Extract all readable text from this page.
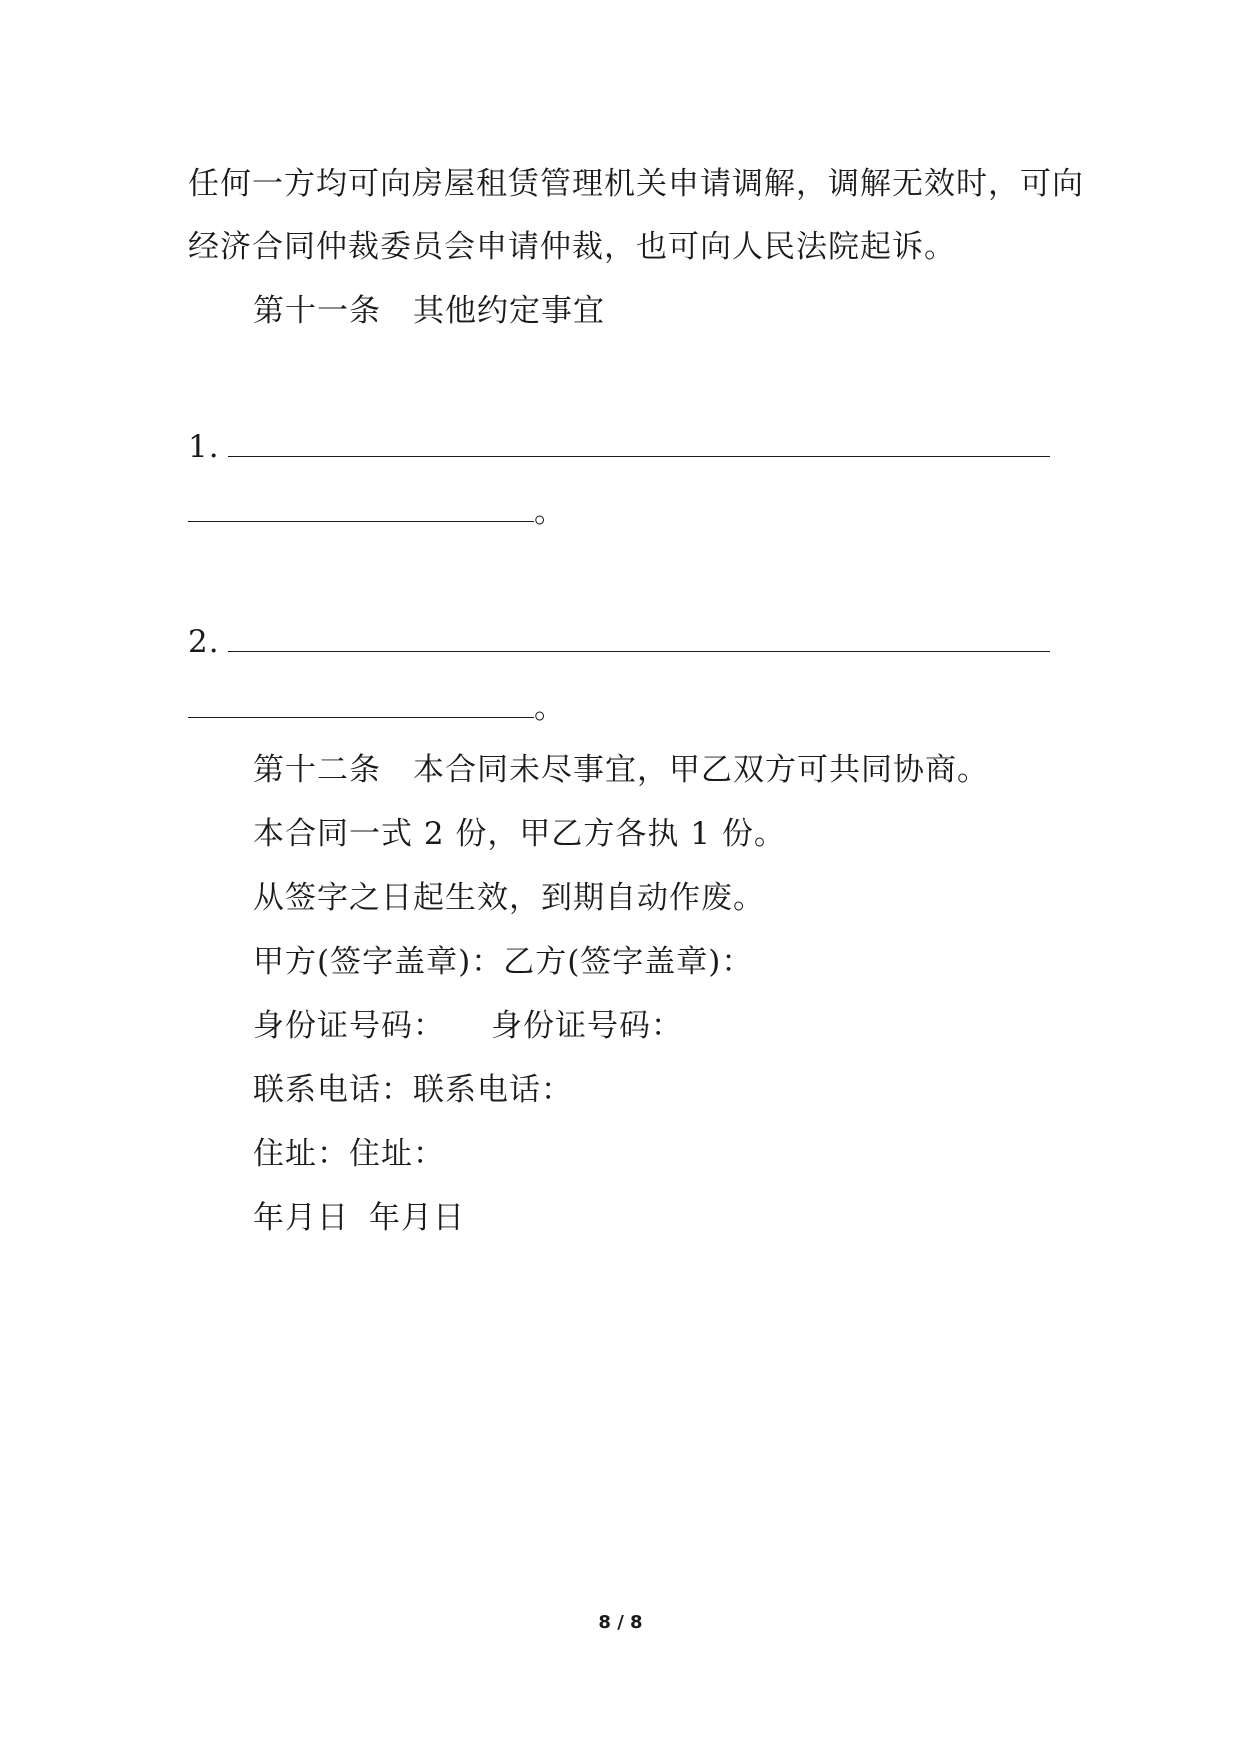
任何一方均可向房屋租赁管理机关申请调解，调解无效时，可向
经济合同仲裁委员会申请仲裁，也可向人民法院起诉。
第十一条 其他约定事宜
1.
。
2.
。
第十二条 本合同未尽事宜，甲乙双方可共同协商。
本合同一式 2 份，甲乙方各执 1 份。
从签字之日起生效，到期自动作废。
甲方(签字盖章)：乙方(签字盖章)：
身份证号码： 身份证号码：
联系电话：联系电话：
住址：住址：
年月日 年月日
8 / 8
